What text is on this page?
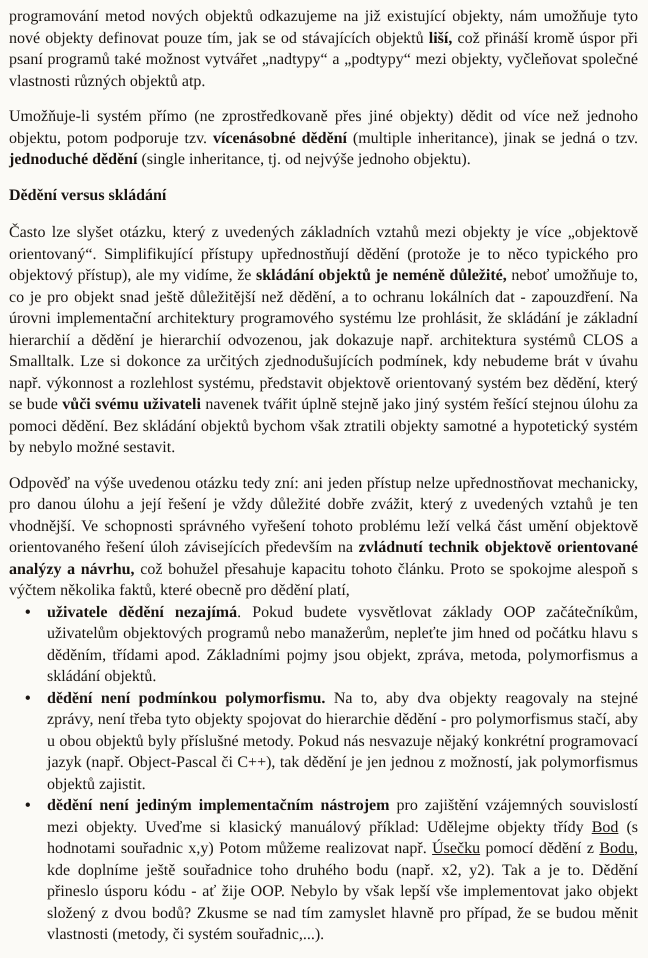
programování metod nových objektů odkazujeme na již existující objekty, nám umožňuje tyto nové objekty definovat pouze tím, jak se od stávajících objektů liší, což přináší kromě úspor při psaní programů také možnost vytvářet „nadtypy“ a „podtypy“ mezi objekty, vyčleňovat společné vlastnosti různých objektů atp.

Umožňuje-li systém přímo (ne zprostředkovaně přes jiné objekty) dědit od více než jednoho objektu, potom podporuje tzv. vícenásobné dědění (multiple inheritance), jinak se jedná o tzv. jednoduché dědění (single inheritance, tj. od nejvýše jednoho objektu).

Dědění versus skládání

Často lze slyšet otázku, který z uvedených základních vztahů mezi objekty je více „objektově orientovaný“. Simplifikující přístupy upřednostňují dědění (protože je to něco typického pro objektový přístup), ale my vidíme, že skládání objektů je neméně důležité, neboť umožňuje to, co je pro objekt snad ještě důležitější než dědění, a to ochranu lokálních dat - zapouzdření. Na úrovni implementační architektury programového systému lze prohlásit, že skládání je základní hierarchií a dědění je hierarchií odvozenou, jak dokazuje např. architektura systémů CLOS a Smalltalk. Lze si dokonce za určitých zjednodušujících podmínek, kdy nebudeme brát v úvahu např. výkonnost a rozlehlost systému, představit objektově orientovaný systém bez dědění, který se bude vůči svému uživateli navenek tvářit úplně stejně jako jiný systém řešící stejnou úlohu za pomoci dědění. Bez skládání objektů bychom však ztratili objekty samotné a hypotetický systém by nebylo možné sestavit.

Odpověď na výše uvedenou otázku tedy zní: ani jeden přístup nelze upřednostňovat mechanicky, pro danou úlohu a její řešení je vždy důležité dobře zvážit, který z uvedených vztahů je ten vhodnější. Ve schopnosti správného vyřešení tohoto problému leží velká část umění objektově orientovaného řešení úloh závisejících především na zvládnutí technik objektově orientované analýzy a návrhu, což bohužel přesahuje kapacitu tohoto článku. Proto se spokojme alespoň s výčtem několika faktů, které obecně pro dědění platí,

• uživatele dědění nezajímá. Pokud budete vysvětlovat základy OOP začátečníkům, uživatelům objektových programů nebo manažerům, nepleťte jim hned od počátku hlavu s děděním, třídami apod. Základními pojmy jsou objekt, zpráva, metoda, polymorfismus a skládání objektů.
• dědění není podmínkou polymorfismu. Na to, aby dva objekty reagovaly na stejné zprávy, není třeba tyto objekty spojovat do hierarchie dědění - pro polymorfismus stačí, aby u obou objektů byly příslušné metody. Pokud nás nesvazuje nějaký konkrétní programovací jazyk (např. Object-Pascal či C++), tak dědění je jen jednou z možností, jak polymorfismus objektů zajistit.
• dědění není jediným implementačním nástrojem pro zajištění vzájemných souvislostí mezi objekty. Uveďme si klasický manuálový příklad: Udělejme objekty třídy Bod (s hodnotami souřadnic x,y) Potom můžeme realizovat např. Úsečku pomocí dědění z Bodu, kde doplníme ještě souřadnice toho druhého bodu (např. x2, y2). Tak a je to. Dědění přineslo úsporu kódu - ať žije OOP. Nebylo by však lepší vše implementovat jako objekt složený z dvou bodů? Zkusme se nad tím zamyslet hlavně pro případ, že se budou měnit vlastnosti (metody, či systém souřadnic,...).
